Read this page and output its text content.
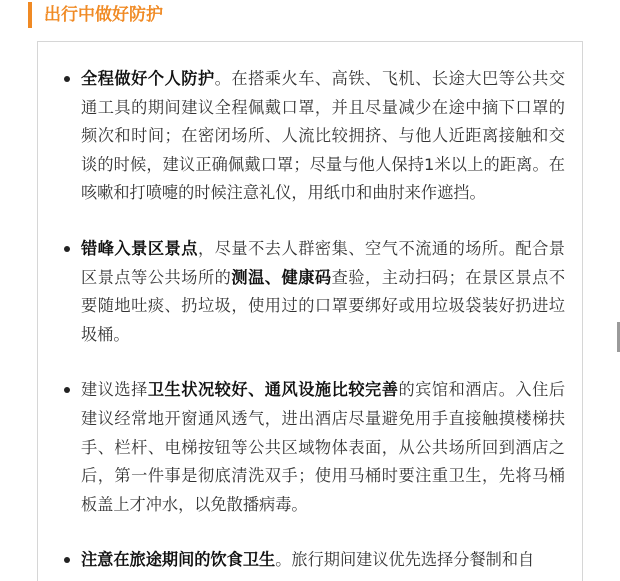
出行中做好防护
全程做好个人防护。在搭乘火车、高铁、飞机、长途大巴等公共交通工具的期间建议全程佩戴口罩，并且尽量减少在途中摘下口罩的频次和时间；在密闭场所、人流比较拥挤、与他人近距离接触和交谈的时候，建议正确佩戴口罩；尽量与他人保持1米以上的距离。在咳嗽和打喷嚏的时候注意礼仪，用纸巾和曲肘来作遮挡。
错峰入景区景点，尽量不去人群密集、空气不流通的场所。配合景区景点等公共场所的测温、健康码查验，主动扫码；在景区景点不要随地吐痰、扔垃圾，使用过的口罩要绑好或用垃圾袋装好扔进垃圾桶。
建议选择卫生状况较好、通风设施比较完善的宾馆和酒店。入住后建议经常地开窗通风透气，进出酒店尽量避免用手直接触摸楼梯扶手、栏杆、电梯按钮等公共区域物体表面，从公共场所回到酒店之后，第一件事是彻底清洗双手；使用马桶时要注重卫生，先将马桶板盖上才冲水，以免散播病毒。
注意在旅途期间的饮食卫生。旅行期间建议优先选择分餐制和自
